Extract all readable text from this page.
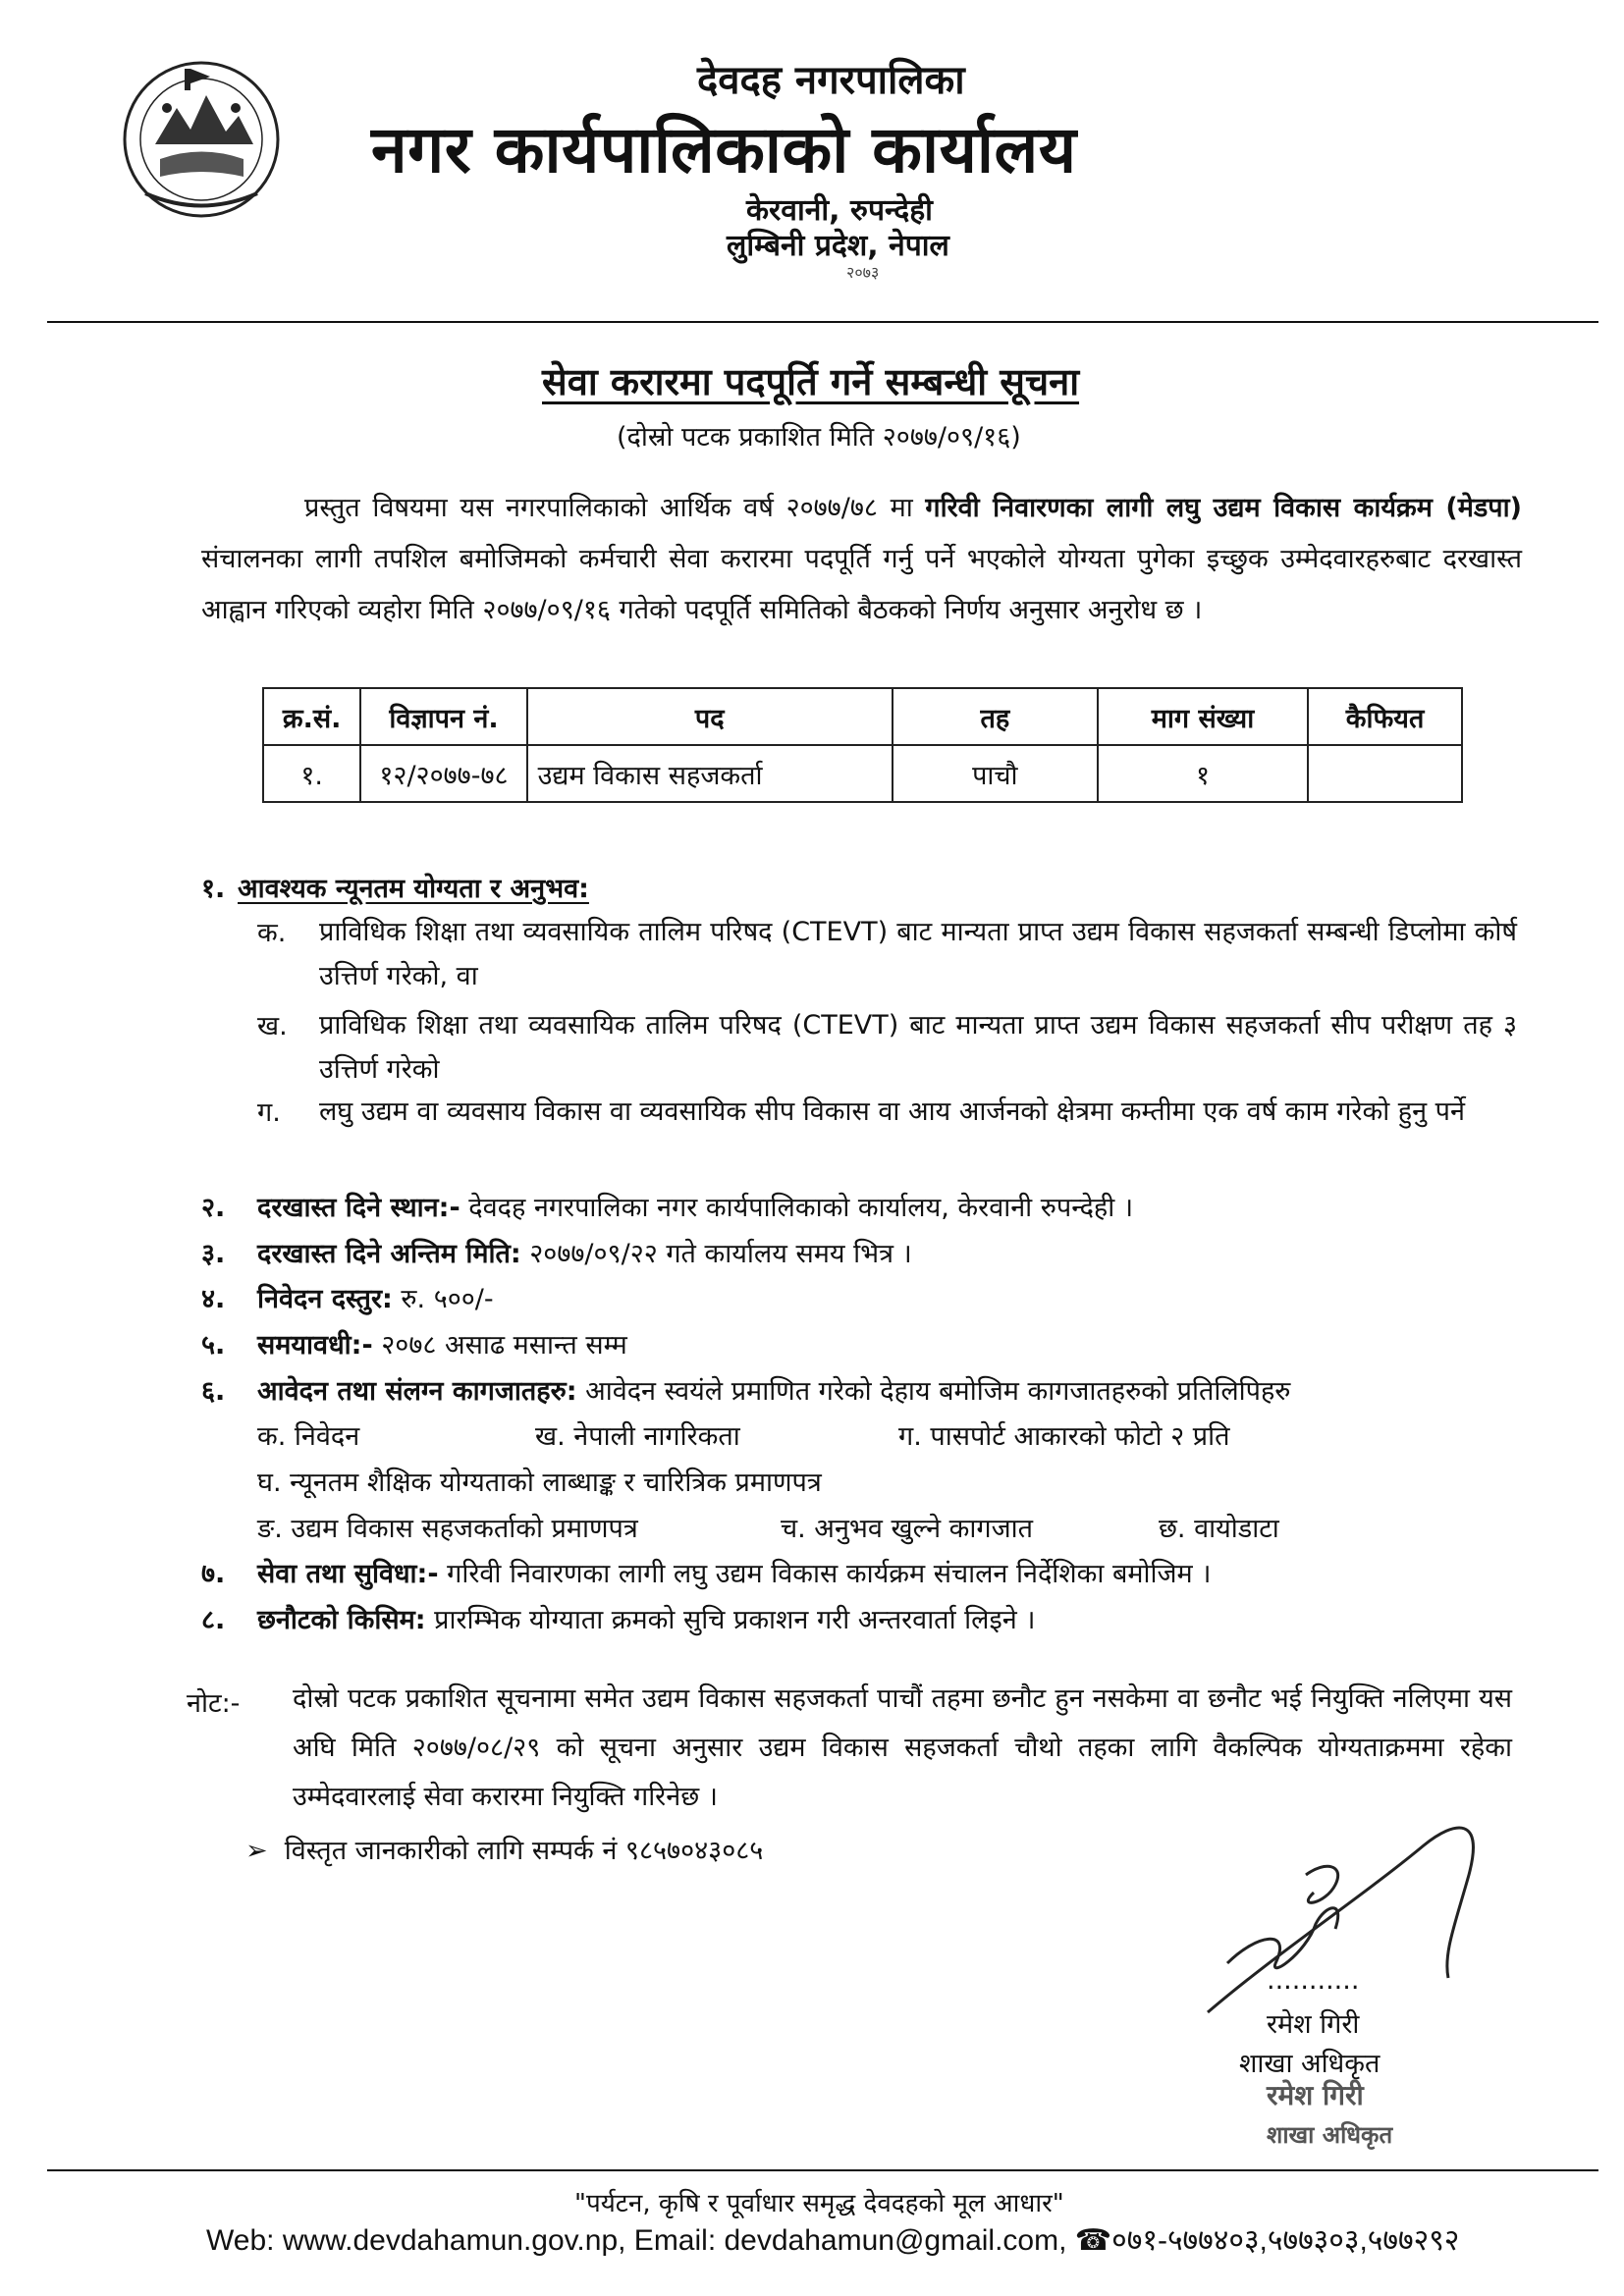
देवदह नगरपालिका
नगर कार्यपालिकाको कार्यालय
केरवानी, रुपन्देही
लुम्बिनी प्रदेश, नेपाल
२०७३
सेवा करारमा पदपूर्ति गर्ने सम्बन्धी सूचना
(दोस्रो पटक प्रकाशित मिति २०७७/०९/१६)
प्रस्तुत विषयमा यस नगरपालिकाको आर्थिक वर्ष २०७७/७८ मा गरिवी निवारणका लागी लघु उद्यम विकास कार्यक्रम (मेडपा) संचालनका लागी तपशिल बमोजिमको कर्मचारी सेवा करारमा पदपूर्ति गर्नु पर्ने भएकोले योग्यता पुगेका इच्छुक उम्मेदवारहरुबाट दरखास्त आह्वान गरिएको व्यहोरा मिति २०७७/०९/१६ गतेको पदपूर्ति समितिको बैठकको निर्णय अनुसार अनुरोध छ ।
क्र.सं.	विज्ञापन नं.	पद	तह	माग संख्या	कैफियत
१.	१२/२०७७-७८	उद्यम विकास सहजकर्ता	पाचौ	१	
१. आवश्यक न्यूनतम योग्यता र अनुभव:
क. प्राविधिक शिक्षा तथा व्यवसायिक तालिम परिषद (CTEVT) बाट मान्यता प्राप्त उद्यम विकास सहजकर्ता सम्बन्धी डिप्लोमा कोर्ष उत्तिर्ण गरेको, वा
ख. प्राविधिक शिक्षा तथा व्यवसायिक तालिम परिषद (CTEVT) बाट मान्यता प्राप्त उद्यम विकास सहजकर्ता सीप परीक्षण तह ३ उत्तिर्ण गरेको
ग. लघु उद्यम वा व्यवसाय विकास वा व्यवसायिक सीप विकास वा आय आर्जनको क्षेत्रमा कम्तीमा एक वर्ष काम गरेको हुनु पर्ने
२. दरखास्त दिने स्थान:- देवदह नगरपालिका नगर कार्यपालिकाको कार्यालय, केरवानी रुपन्देही ।
३. दरखास्त दिने अन्तिम मिति: २०७७/०९/२२ गते कार्यालय समय भित्र ।
४. निवेदन दस्तुर: रु. ५००/-
५. समयावधी:- २०७८ असाढ मसान्त सम्म
६. आवेदन तथा संलग्न कागजातहरु: आवेदन स्वयंले प्रमाणित गरेको देहाय बमोजिम कागजातहरुको प्रतिलिपिहरु
क. निवेदन	ख. नेपाली नागरिकता	ग. पासपोर्ट आकारको फोटो २ प्रति
घ. न्यूनतम शैक्षिक योग्यताको लाब्धाङ्क र चारित्रिक प्रमाणपत्र
ङ. उद्यम विकास सहजकर्ताको प्रमाणपत्र	च. अनुभव खुल्ने कागजात	छ. वायोडाटा
७. सेवा तथा सुविधा:- गरिवी निवारणका लागी लघु उद्यम विकास कार्यक्रम संचालन निर्देशिका बमोजिम ।
८. छनौटको किसिम: प्रारम्भिक योग्याता क्रमको सुचि प्रकाशन गरी अन्तरवार्ता लिइने ।
नोट:- दोस्रो पटक प्रकाशित सूचनामा समेत उद्यम विकास सहजकर्ता पाचौं तहमा छनौट हुन नसकेमा वा छनौट भई नियुक्ति नलिएमा यस अघि मिति २०७७/०८/२९ को सूचना अनुसार उद्यम विकास सहजकर्ता चौथो तहका लागि वैकल्पिक योग्यताक्रममा रहेका उम्मेदवारलाई सेवा करारमा नियुक्ति गरिनेछ ।
➢  विस्तृत जानकारीको लागि सम्पर्क नं ९८५७०४३०८५
...........
रमेश गिरी
शाखा अधिकृत
रमेश गिरी
शाखा अधिकृत
"पर्यटन, कृषि र पूर्वाधार समृद्ध देवदहको मूल आधार"
Web: www.devdahamun.gov.np, Email: devdahamun@gmail.com, ☎०७१-५७७४०३,५७७३०३,५७७२९२
